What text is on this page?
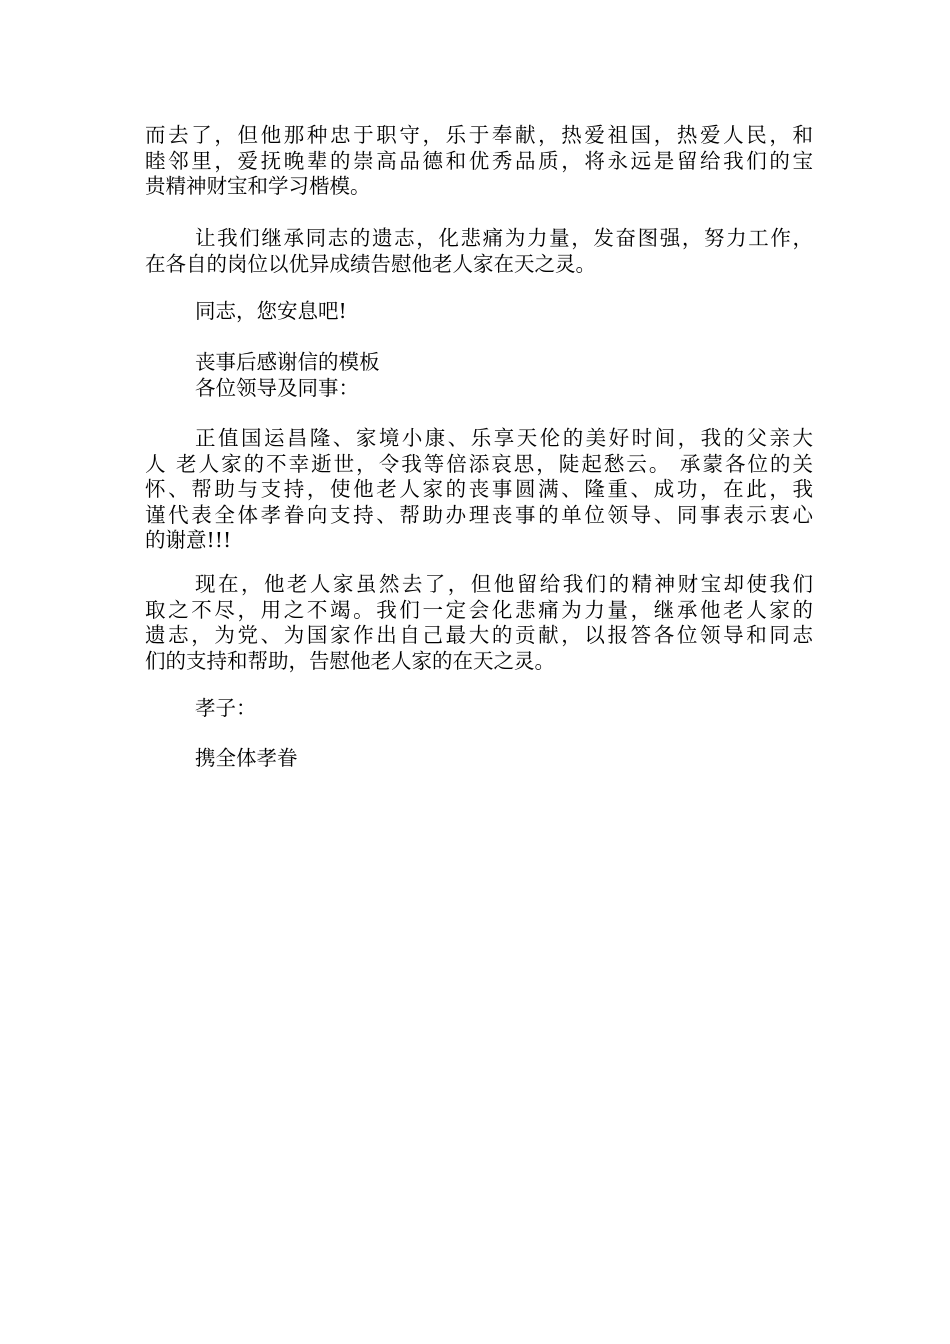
而去了，但他那种忠于职守，乐于奉献，热爱祖国，热爱人民，和
睦邻里，爱抚晚辈的崇高品德和优秀品质，将永远是留给我们的宝
贵精神财宝和学习楷模。
让我们继承同志的遗志，化悲痛为力量，发奋图强，努力工作，
在各自的岗位以优异成绩告慰他老人家在天之灵。
同志，您安息吧!
丧事后感谢信的模板
各位领导及同事：
正值国运昌隆、家境小康、乐享天伦的美好时间，我的父亲大
人 老人家的不幸逝世，令我等倍添哀思，陡起愁云。 承蒙各位的关
怀、帮助与支持，使他老人家的丧事圆满、隆重、成功，在此，我
谨代表全体孝眷向支持、帮助办理丧事的单位领导、同事表示衷心
的谢意!!!
现在，他老人家虽然去了，但他留给我们的精神财宝却使我们
取之不尽，用之不竭。我们一定会化悲痛为力量，继承他老人家的
遗志，为党、为国家作出自己最大的贡献，以报答各位领导和同志
们的支持和帮助，告慰他老人家的在天之灵。
孝子：
携全体孝眷
